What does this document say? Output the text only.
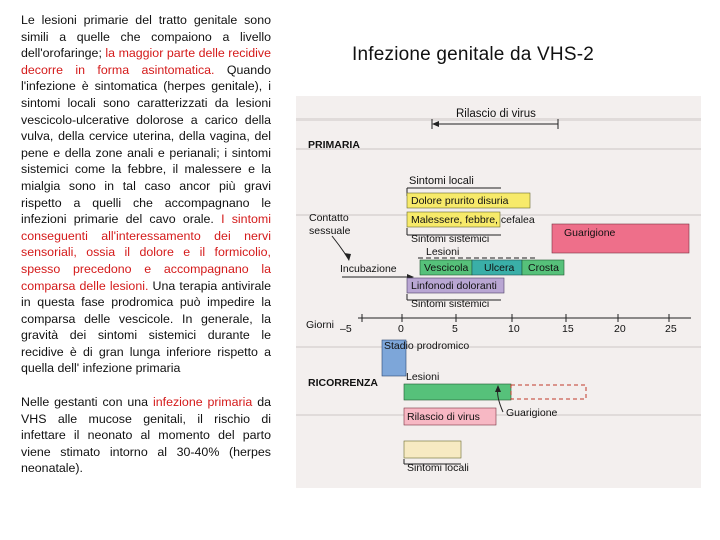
Le lesioni primarie del tratto genitale sono simili a quelle che compaiono a livello dell'orofaringe; la maggior parte delle recidive decorre in forma asintomatica. Quando l'infezione è sintomatica (herpes genitale), i sintomi locali sono caratterizzati da lesioni vescicolo-ulcerative dolorose a carico della vulva, della cervice uterina, della vagina, del pene e della zone anali e perianali; i sintomi sistemici come la febbre, il malessere e la mialgia sono in tal caso ancor più gravi rispetto a quelli che accompagnano le infezioni primarie del cavo orale. I sintomi conseguenti all'interessamento dei nervi sensoriali, ossia il dolore e il formicolio, spesso precedono e accompagnano la comparsa delle lesioni. Una terapia antivirale in questa fase prodromica può impedire la comparsa delle vescicole. In generale, la gravità dei sintomi sistemici durante le recidive è di gran lunga inferiore rispetto a quella dell' infezione primaria

Nelle gestanti con una infezione primaria da VHS alle mucose genitali, il rischio di infettare il neonato al momento del parto viene stimato intorno al 30-40% (herpes neonatale).

Infezione genitale da VHS-2
Rilascio di virus
PRIMARIA
Sintomi locali
Dolore prurito disuria
Malessere, febbre, cefalea
Sintomi sistemici	Guarigione
Contatto sessuale
Lesioni
Incubazione	Vescicola Ulcera Crosta
Linfonodi doloranti
Sintomi sistemici
Giorni –5	0	5	10	15	20	25
Stadio prodromico
RICORRENZA	Lesioni
Rilascio di virus Guarigione
Sintomi locali
